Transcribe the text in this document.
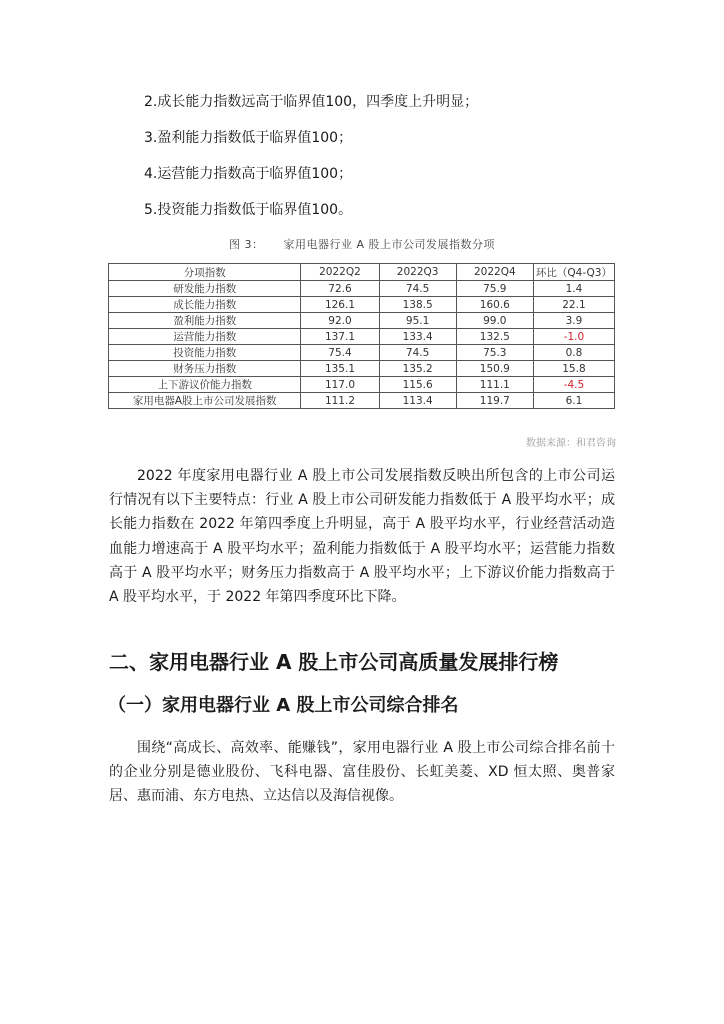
2.成长能力指数远高于临界值100，四季度上升明显；
3.盈利能力指数低于临界值100；
4.运营能力指数高于临界值100；
5.投资能力指数低于临界值100。
图 3： 家用电器行业 A 股上市公司发展指数分项
分项指数	2022Q2	2022Q3	2022Q4	环比（Q4-Q3）
研发能力指数	72.6	74.5	75.9	1.4
成长能力指数	126.1	138.5	160.6	22.1
盈利能力指数	92.0	95.1	99.0	3.9
运营能力指数	137.1	133.4	132.5	-1.0
投资能力指数	75.4	74.5	75.3	0.8
财务压力指数	135.1	135.2	150.9	15.8
上下游议价能力指数	117.0	115.6	111.1	-4.5
家用电器A股上市公司发展指数	111.2	113.4	119.7	6.1
数据来源：和君咨询

2022 年度家用电器行业 A 股上市公司发展指数反映出所包含的上市公司运行情况有以下主要特点：行业 A 股上市公司研发能力指数低于 A 股平均水平；成长能力指数在 2022 年第四季度上升明显，高于 A 股平均水平，行业经营活动造血能力增速高于 A 股平均水平；盈利能力指数低于 A 股平均水平；运营能力指数高于 A 股平均水平；财务压力指数高于 A 股平均水平；上下游议价能力指数高于 A 股平均水平，于 2022 年第四季度环比下降。

二、家用电器行业 A 股上市公司高质量发展排行榜
（一）家用电器行业 A 股上市公司综合排名

围绕“高成长、高效率、能赚钱”，家用电器行业 A 股上市公司综合排名前十的企业分别是德业股份、飞科电器、富佳股份、长虹美菱、XD 恒太照、奥普家居、惠而浦、东方电热、立达信以及海信视像。
